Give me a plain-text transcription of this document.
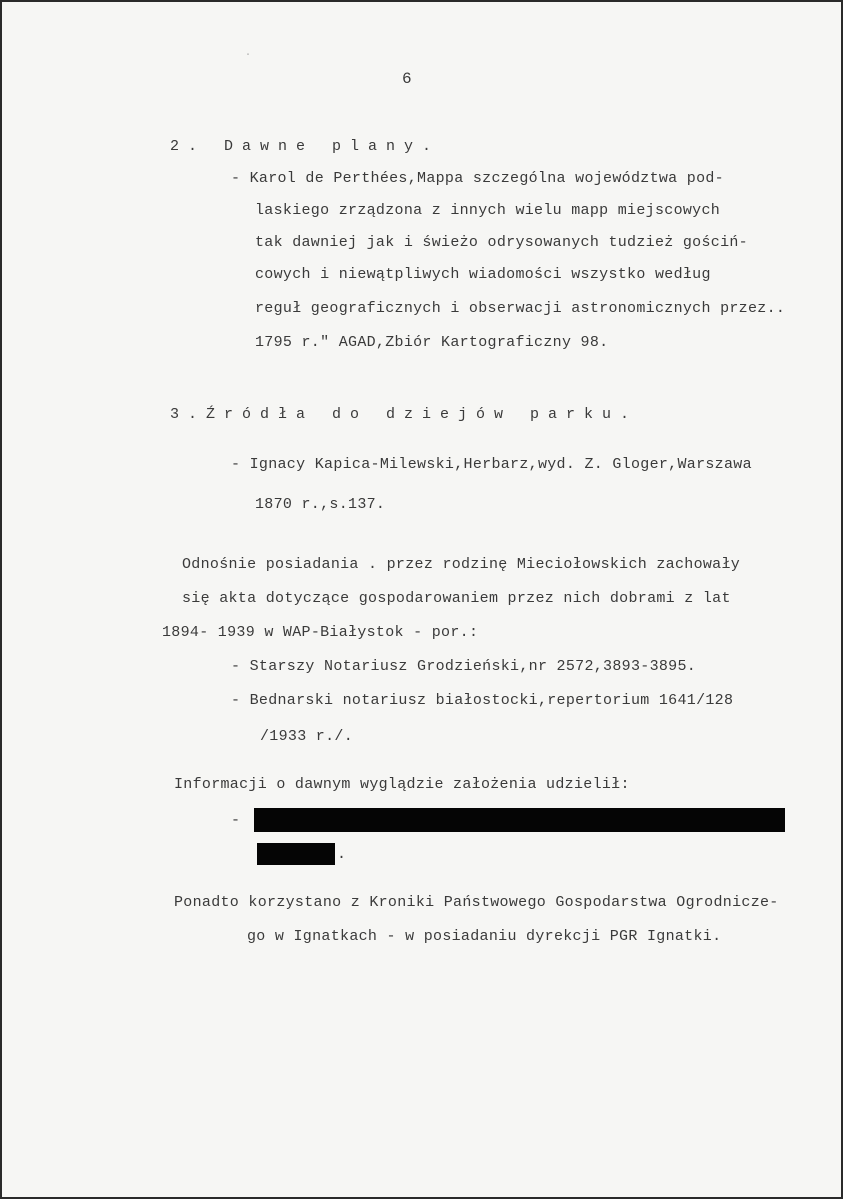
ˈ
6
2. Dawne plany.
- Karol de Perthées,Mappa szczególna województwa pod-
laskiego zrządzona z innych wielu mapp miejscowych
tak dawniej jak i świeżo odrysowanych tudzież gościń-
cowych i niewątpliwych wiadomości wszystko według
reguł geograficznych i obserwacji astronomicznych przez..
1795 r." AGAD,Zbiór Kartograficzny 98.
3.Źródła do dziejów parku.
- Ignacy Kapica-Milewski,Herbarz,wyd. Z. Gloger,Warszawa
1870 r.,s.137.
Odnośnie posiadania . przez rodzinę Mieciołowskich zachowały
się akta dotyczące gospodarowaniem przez nich dobrami z lat
1894- 1939 w WAP-Białystok - por.:
- Starszy Notariusz Grodzieński,nr 2572,3893-3895.
- Bednarski notariusz białostocki,repertorium 1641/128
/1933 r./.
Informacji o dawnym wyglądzie założenia udzielił:
-
.
Ponadto korzystano z Kroniki Państwowego Gospodarstwa Ogrodnicze-
go w Ignatkach - w posiadaniu dyrekcji PGR Ignatki.
